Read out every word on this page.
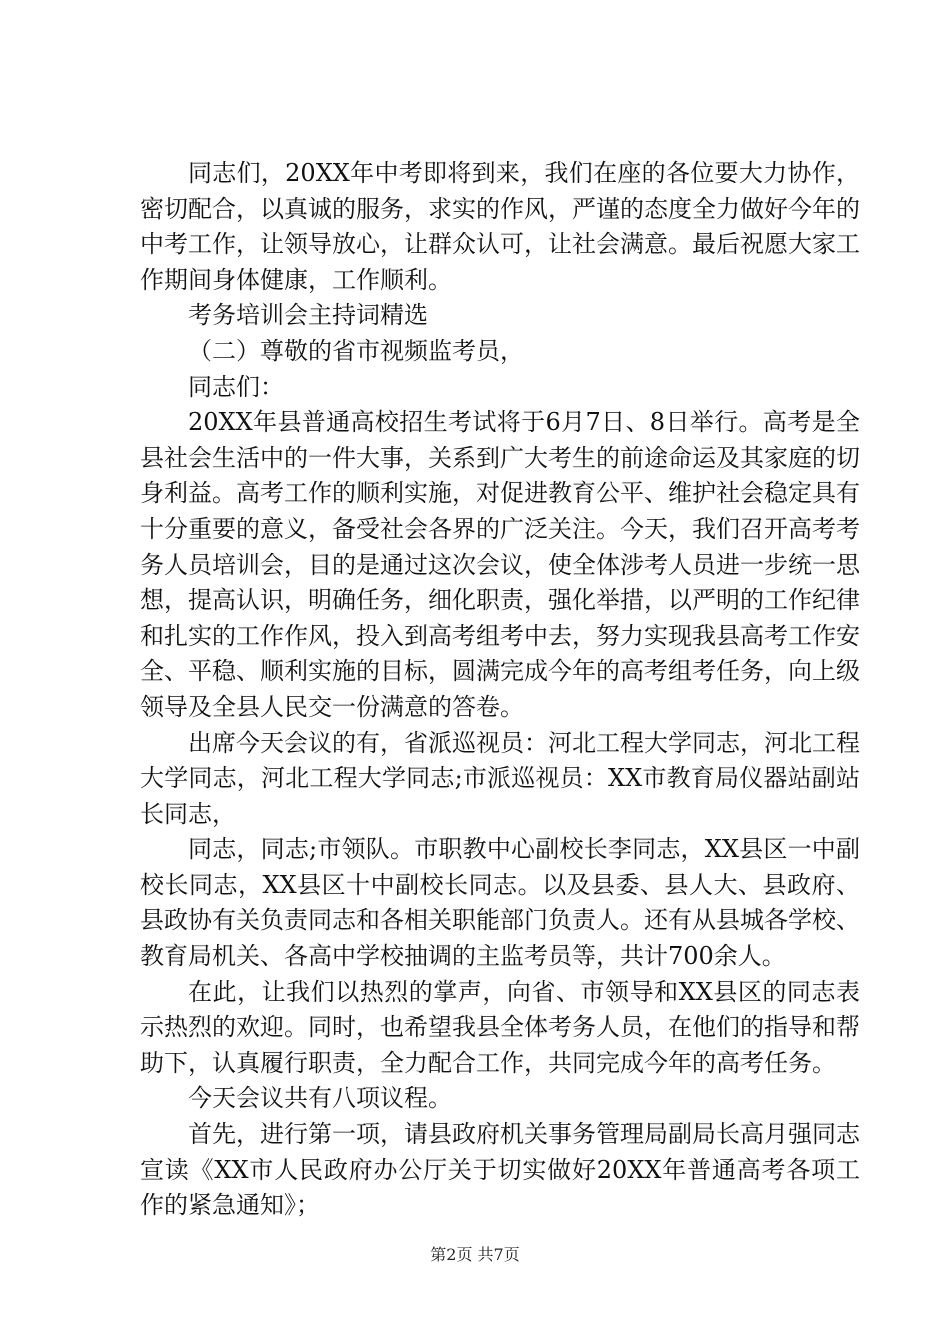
同志们，20XX年中考即将到来，我们在座的各位要大力协作，密切配合，以真诚的服务，求实的作风，严谨的态度全力做好今年的中考工作，让领导放心，让群众认可，让社会满意。最后祝愿大家工作期间身体健康，工作顺利。

考务培训会主持词精选

（二）尊敬的省市视频监考员，

同志们：

20XX年县普通高校招生考试将于6月7日、8日举行。高考是全县社会生活中的一件大事，关系到广大考生的前途命运及其家庭的切身利益。高考工作的顺利实施，对促进教育公平、维护社会稳定具有十分重要的意义，备受社会各界的广泛关注。今天，我们召开高考考务人员培训会，目的是通过这次会议，使全体涉考人员进一步统一思想，提高认识，明确任务，细化职责，强化举措，以严明的工作纪律和扎实的工作作风，投入到高考组考中去，努力实现我县高考工作安全、平稳、顺利实施的目标，圆满完成今年的高考组考任务，向上级领导及全县人民交一份满意的答卷。

出席今天会议的有，省派巡视员：河北工程大学同志，河北工程大学同志，河北工程大学同志;市派巡视员：XX市教育局仪器站副站长同志，

同志，同志;市领队。市职教中心副校长李同志，XX县区一中副校长同志，XX县区十中副校长同志。以及县委、县人大、县政府、县政协有关负责同志和各相关职能部门负责人。还有从县城各学校、教育局机关、各高中学校抽调的主监考员等，共计700余人。

在此，让我们以热烈的掌声，向省、市领导和XX县区的同志表示热烈的欢迎。同时，也希望我县全体考务人员，在他们的指导和帮助下，认真履行职责，全力配合工作，共同完成今年的高考任务。

今天会议共有八项议程。

首先，进行第一项，请县政府机关事务管理局副局长高月强同志宣读《XX市人民政府办公厅关于切实做好20XX年普通高考各项工作的紧急通知》；

第2页 共7页
